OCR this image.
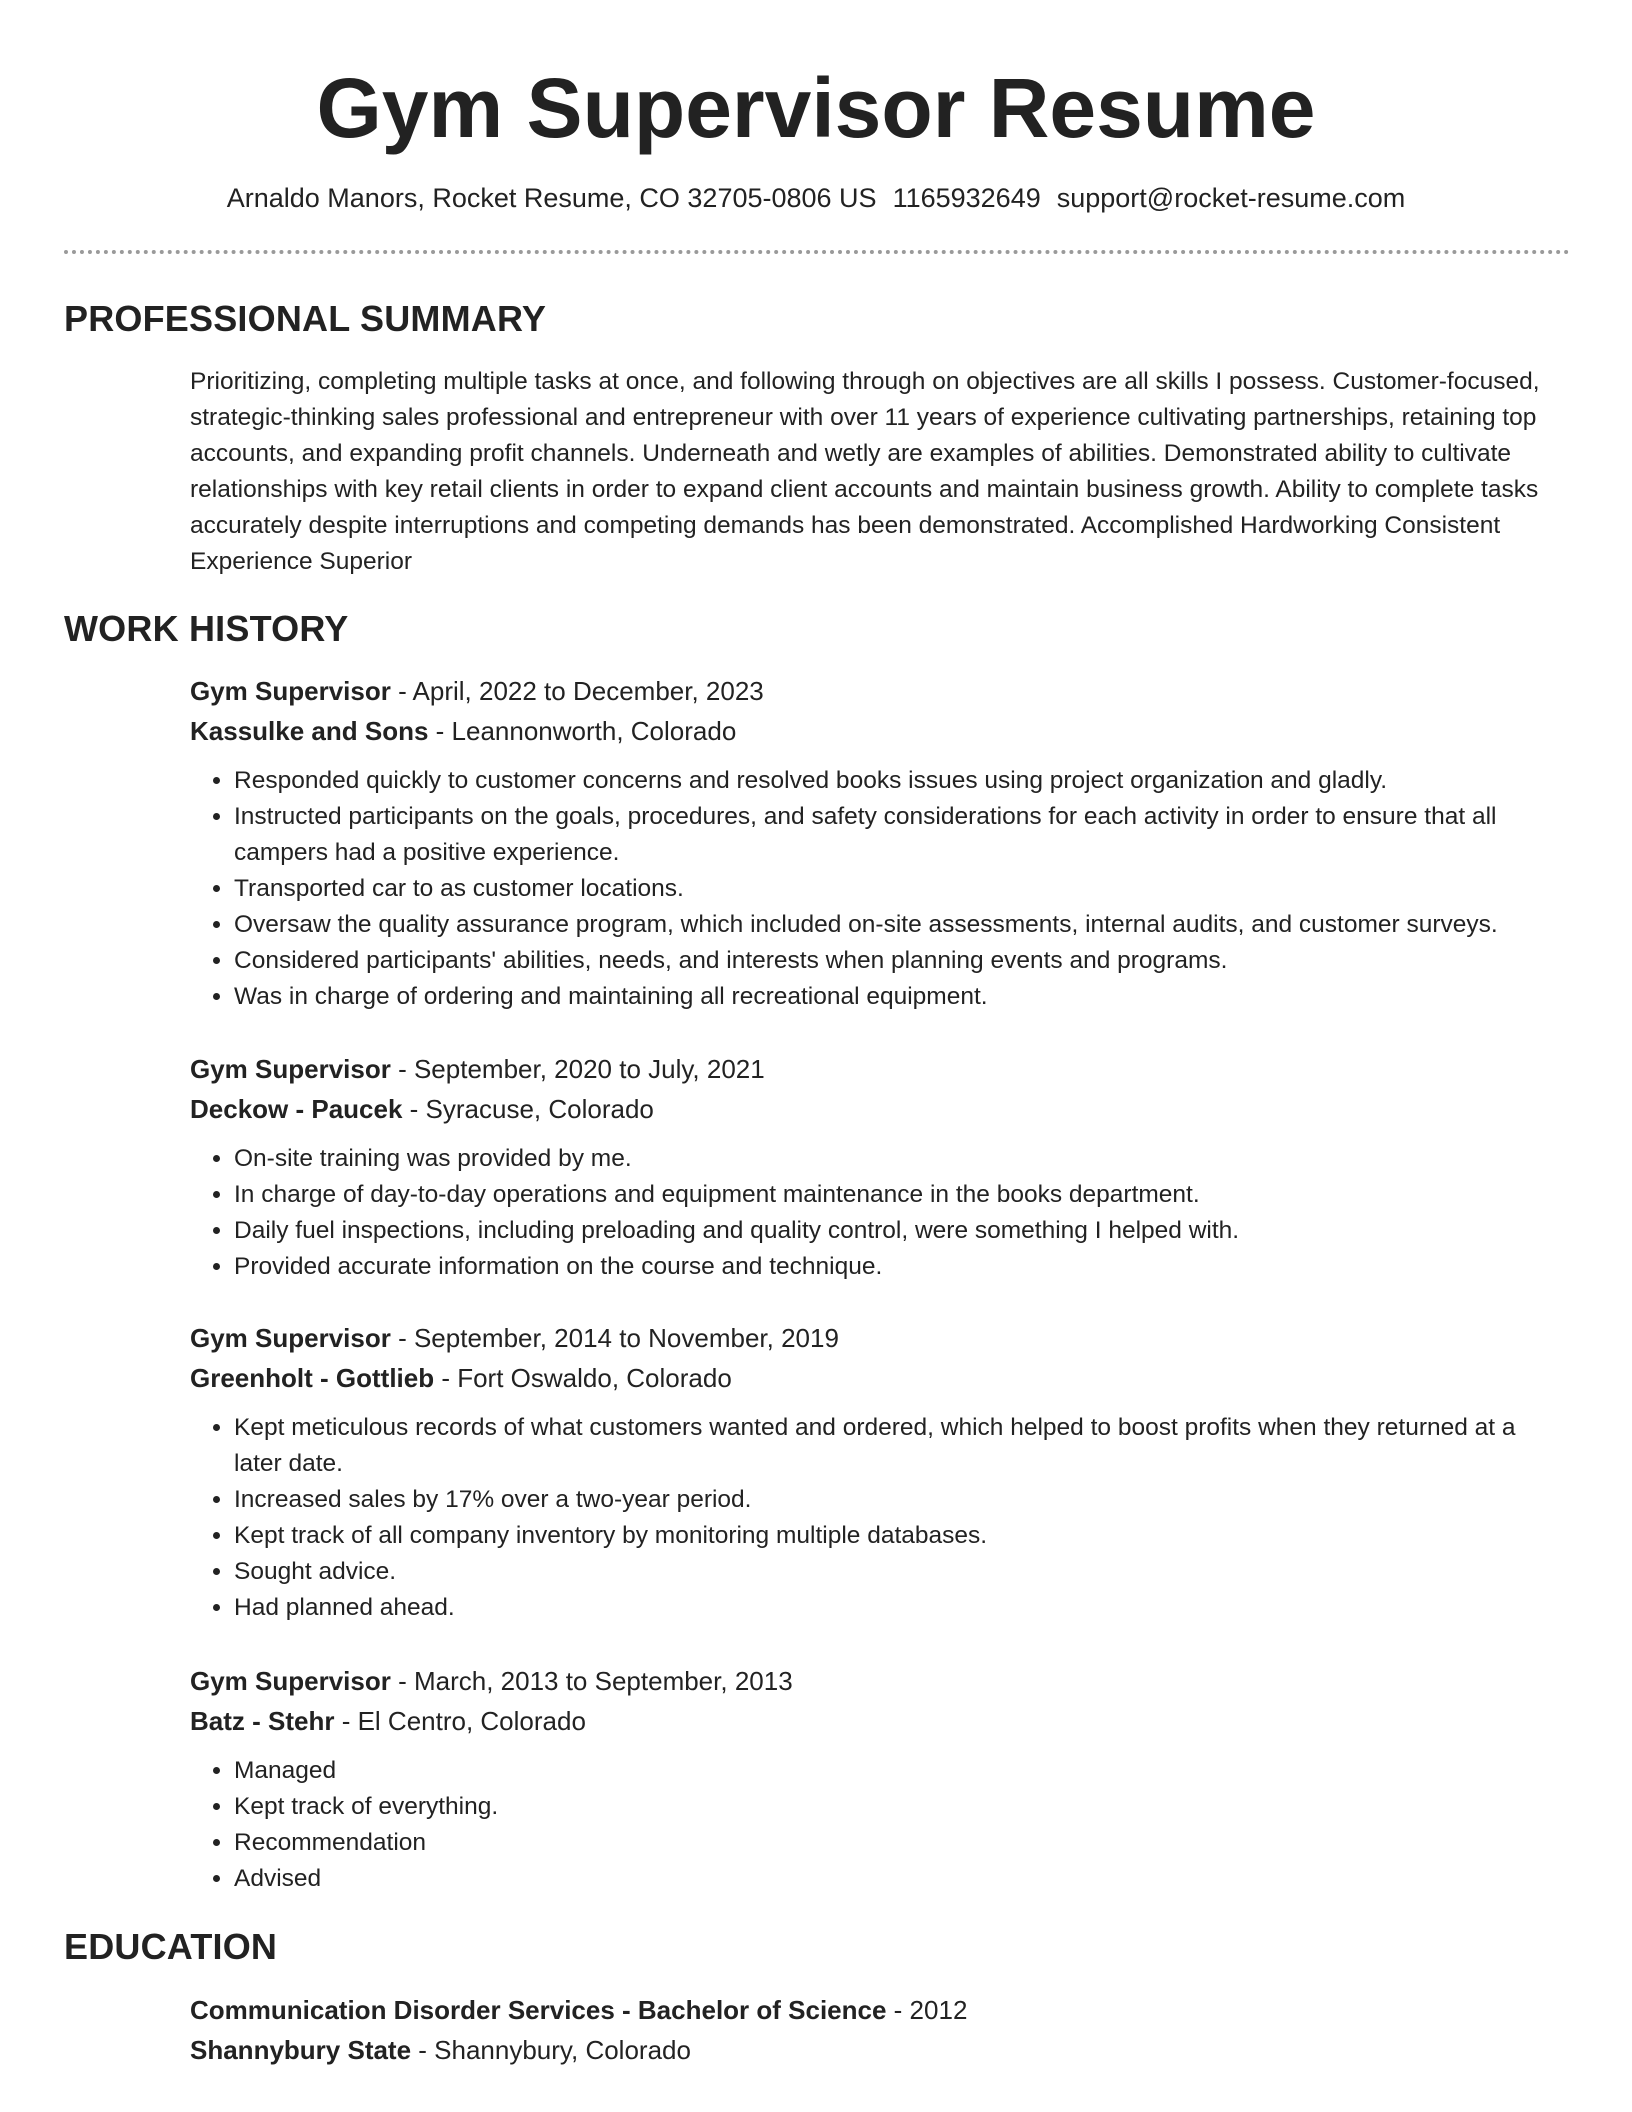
Gym Supervisor Resume
Arnaldo Manors, Rocket Resume, CO 32705-0806 US 1165932649 support@rocket-resume.com
PROFESSIONAL SUMMARY

Prioritizing, completing multiple tasks at once, and following through on objectives are all skills I possess. Customer-focused, strategic-thinking sales professional and entrepreneur with over 11 years of experience cultivating partnerships, retaining top accounts, and expanding profit channels. Underneath and wetly are examples of abilities. Demonstrated ability to cultivate relationships with key retail clients in order to expand client accounts and maintain business growth. Ability to complete tasks accurately despite interruptions and competing demands has been demonstrated. Accomplished Hardworking Consistent Experience Superior

WORK HISTORY
Gym Supervisor - April, 2022 to December, 2023
Kassulke and Sons - Leannonworth, Colorado
• Responded quickly to customer concerns and resolved books issues using project organization and gladly.
• Instructed participants on the goals, procedures, and safety considerations for each activity in order to ensure that all campers had a positive experience.
• Transported car to as customer locations.
• Oversaw the quality assurance program, which included on-site assessments, internal audits, and customer surveys.
• Considered participants' abilities, needs, and interests when planning events and programs.
• Was in charge of ordering and maintaining all recreational equipment.
Gym Supervisor - September, 2020 to July, 2021
Deckow - Paucek - Syracuse, Colorado
• On-site training was provided by me.
• In charge of day-to-day operations and equipment maintenance in the books department.
• Daily fuel inspections, including preloading and quality control, were something I helped with.
• Provided accurate information on the course and technique.
Gym Supervisor - September, 2014 to November, 2019
Greenholt - Gottlieb - Fort Oswaldo, Colorado
• Kept meticulous records of what customers wanted and ordered, which helped to boost profits when they returned at a later date.
• Increased sales by 17% over a two-year period.
• Kept track of all company inventory by monitoring multiple databases.
• Sought advice.
• Had planned ahead.
Gym Supervisor - March, 2013 to September, 2013
Batz - Stehr - El Centro, Colorado
• Managed
• Kept track of everything.
• Recommendation
• Advised
EDUCATION
Communication Disorder Services - Bachelor of Science - 2012
Shannybury State - Shannybury, Colorado
